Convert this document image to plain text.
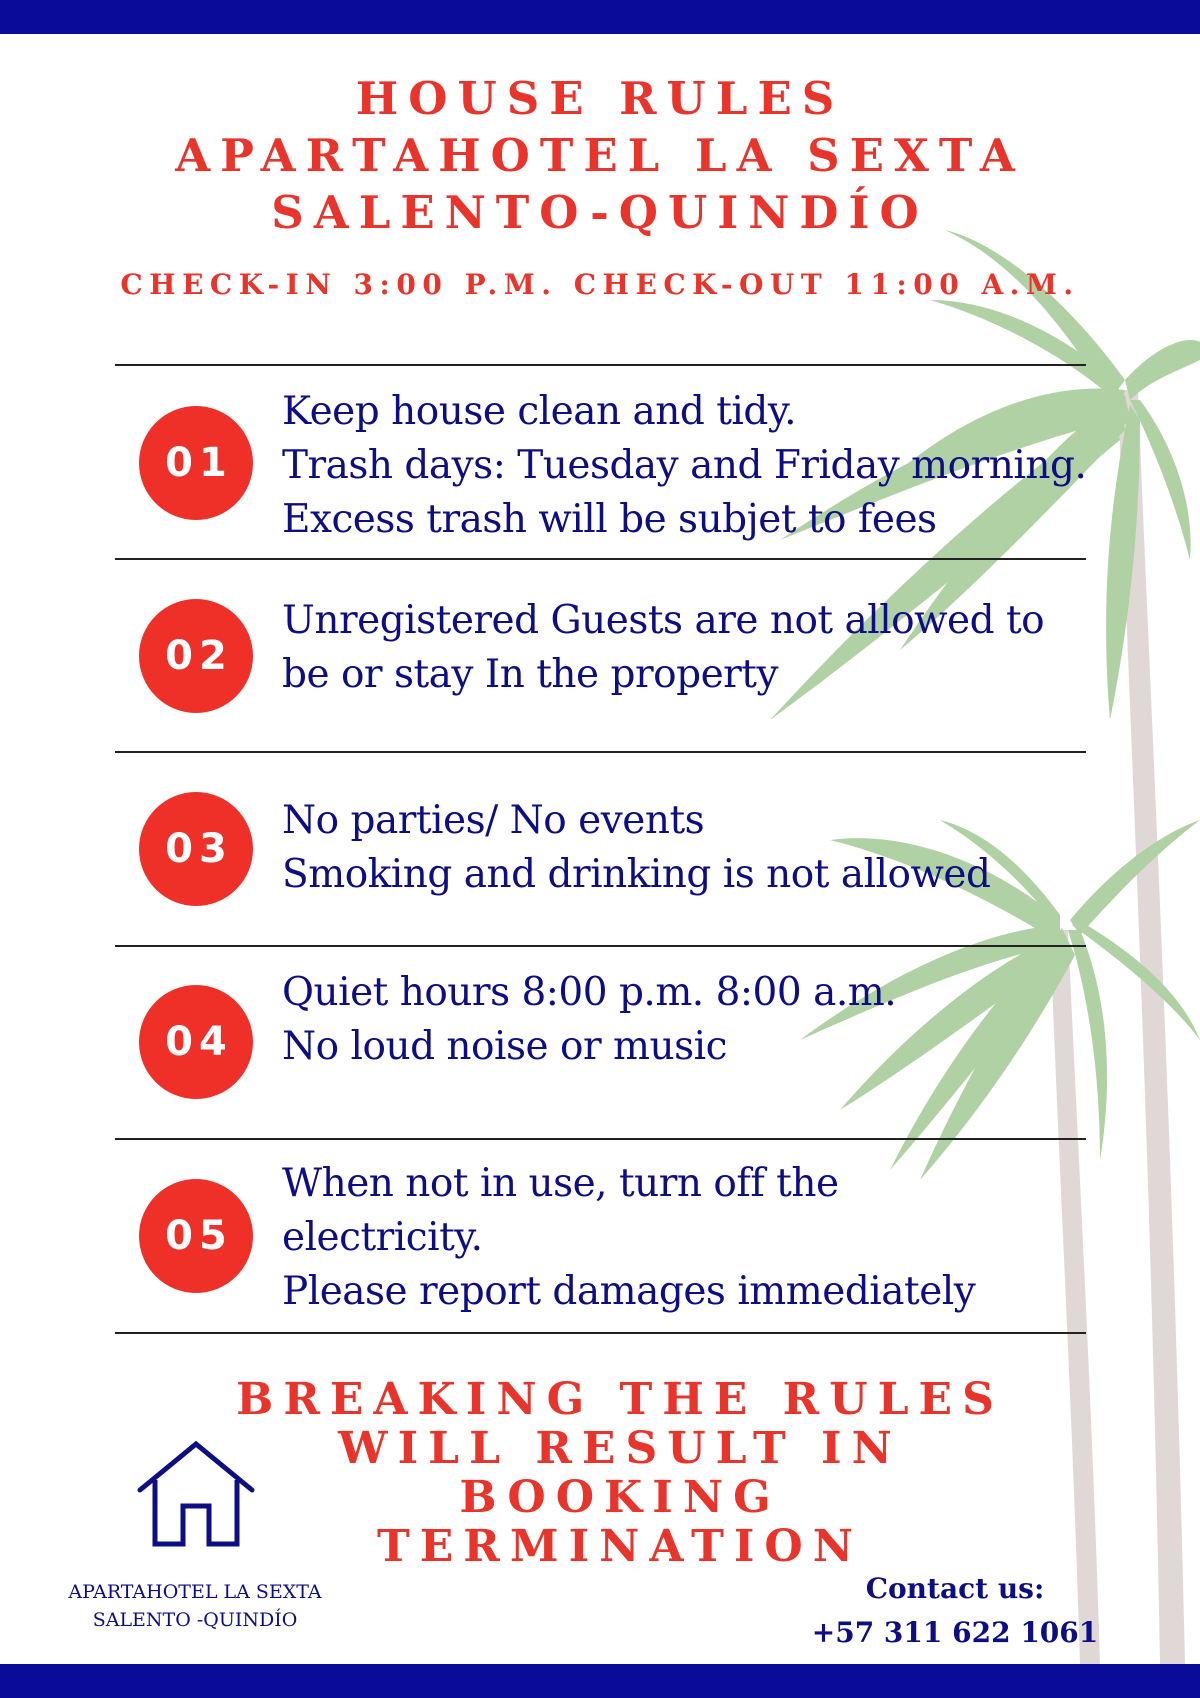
HOUSE RULES
APARTAHOTEL LA SEXTA
SALENTO-QUINDÍO
CHECK-IN 3:00 P.M. CHECK-OUT 11:00 A.M.
01
Keep house clean and tidy.
Trash days: Tuesday and Friday morning.
Excess trash will be subjet to fees
02
Unregistered Guests are not allowed to
be or stay In the property
03
No parties/ No events
Smoking and drinking is not allowed
04
Quiet hours 8:00 p.m. 8:00 a.m.
No loud noise or music
05
When not in use, turn off the
electricity.
Please report damages immediately
BREAKING THE RULES
WILL RESULT IN
BOOKING
TERMINATION
APARTAHOTEL LA SEXTA
SALENTO -QUINDÍO
Contact us:
+57 311 622 1061
